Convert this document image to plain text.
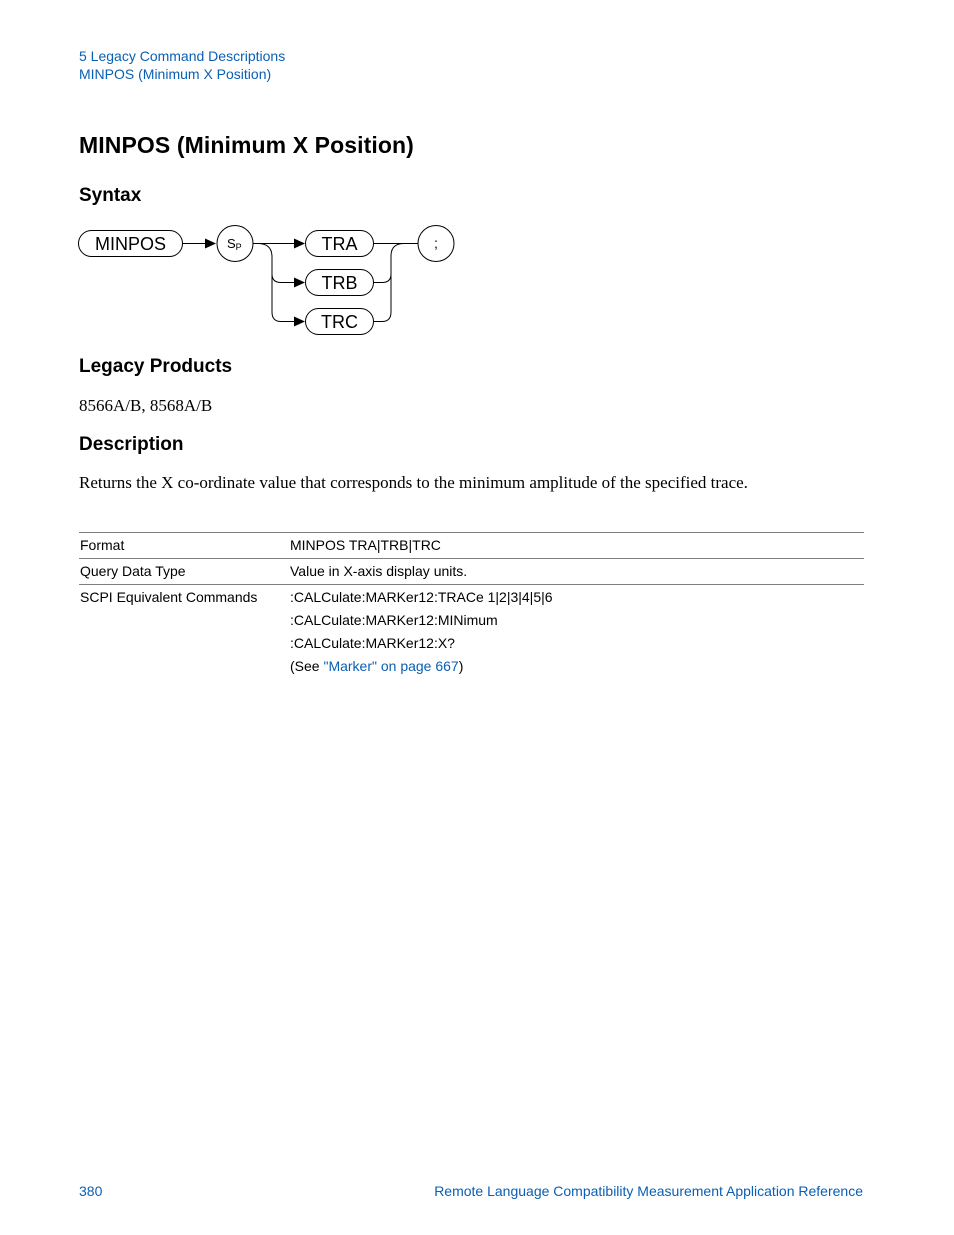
5 Legacy Command Descriptions
MINPOS (Minimum X Position)
MINPOS (Minimum X Position)
Syntax
MINPOS	SP	TRA
TRB
TRC
;
Legacy Products
8566A/B, 8568A/B
Description
Returns the X co-ordinate value that corresponds to the minimum amplitude of the specified trace.
Format	MINPOS TRA|TRB|TRC
Query Data Type	Value in X-axis display units.
SCPI Equivalent Commands	:CALCulate:MARKer12:TRACe 1|2|3|4|5|6
:CALCulate:MARKer12:MINimum
:CALCulate:MARKer12:X?
(See "Marker" on page 667)
380	Remote Language Compatibility Measurement Application Reference
